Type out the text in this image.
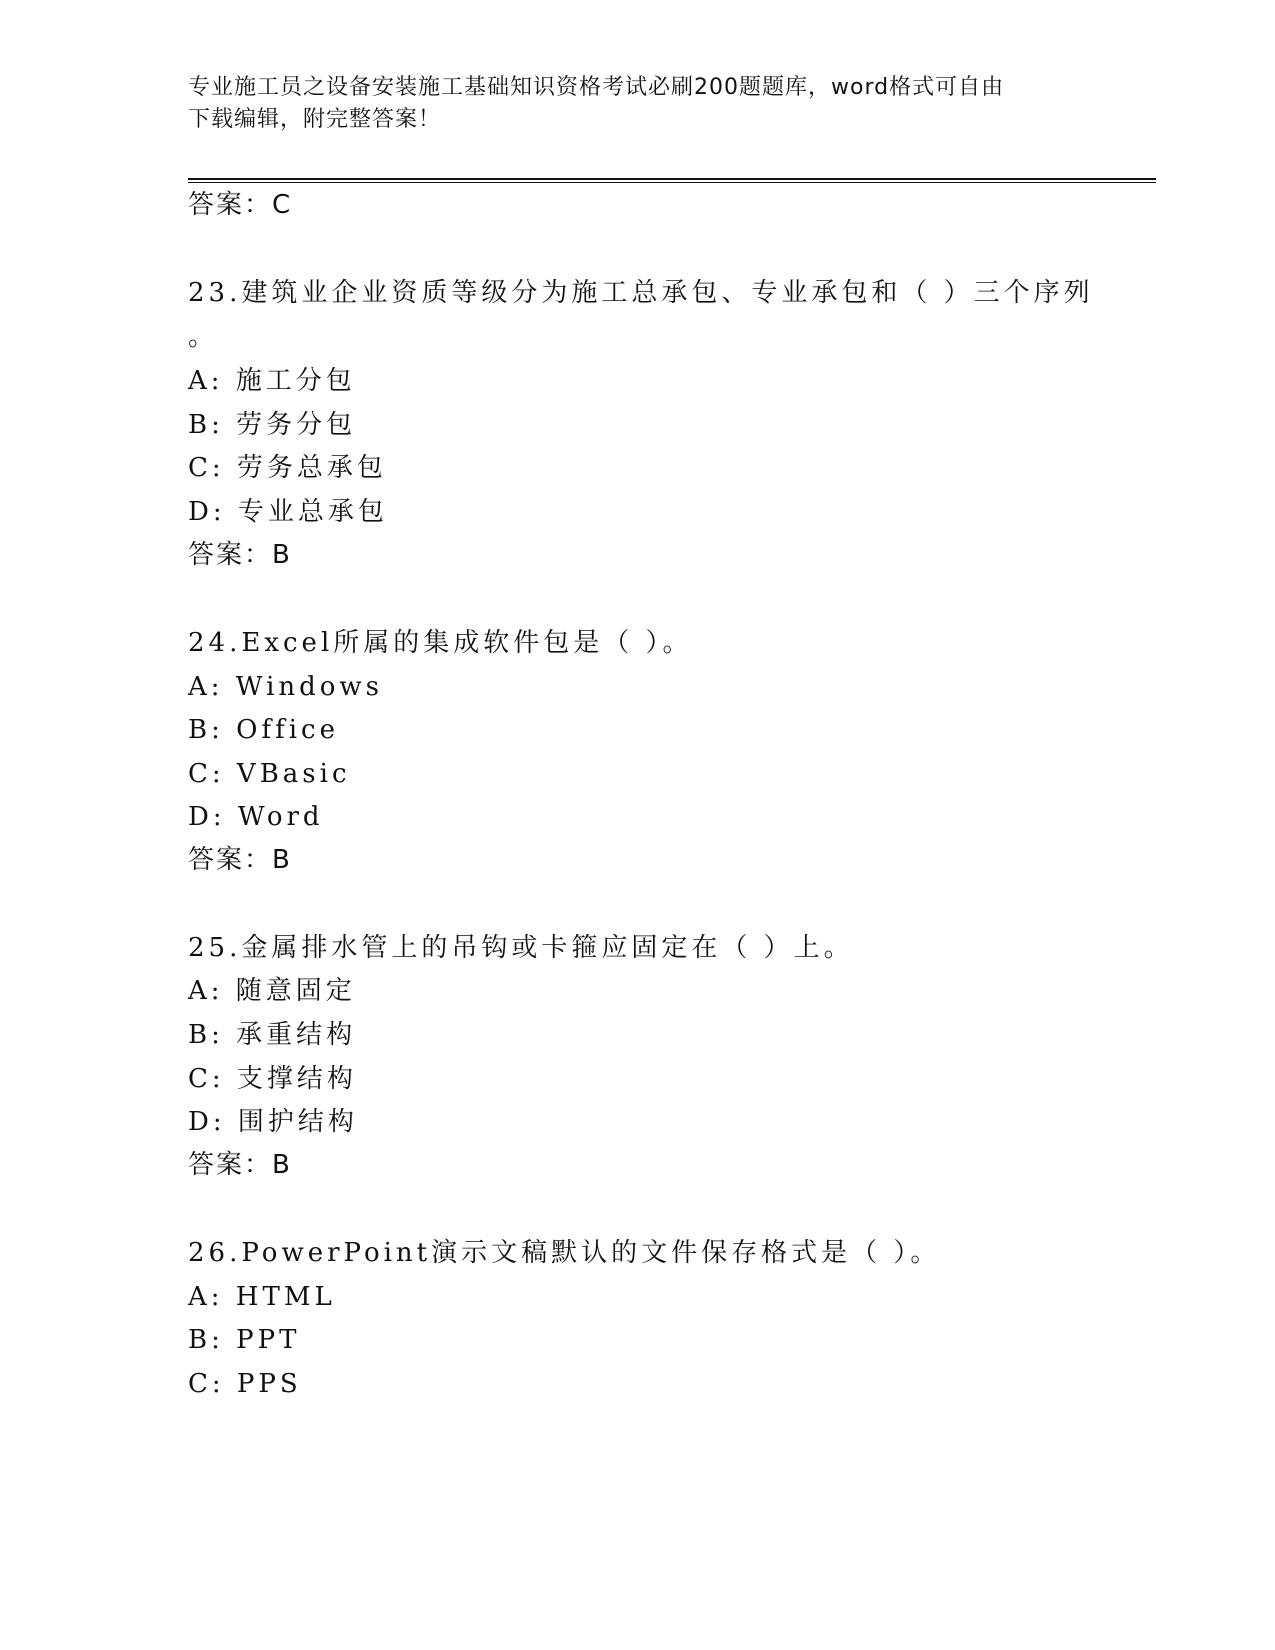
专业施工员之设备安装施工基础知识资格考试必刷200题题库，word格式可自由
下载编辑，附完整答案！
答案：C
23.建筑业企业资质等级分为施工总承包、专业承包和（ ）三个序列
。
A: 施工分包
B: 劳务分包
C: 劳务总承包
D: 专业总承包
答案：B
24.Excel所属的集成软件包是（ ）。
A: Windows
B: Office
C: VBasic
D: Word
答案：B
25.金属排水管上的吊钩或卡箍应固定在（ ）上。
A: 随意固定
B: 承重结构
C: 支撑结构
D: 围护结构
答案：B
26.PowerPoint演示文稿默认的文件保存格式是（ ）。
A: HTML
B: PPT
C: PPS
